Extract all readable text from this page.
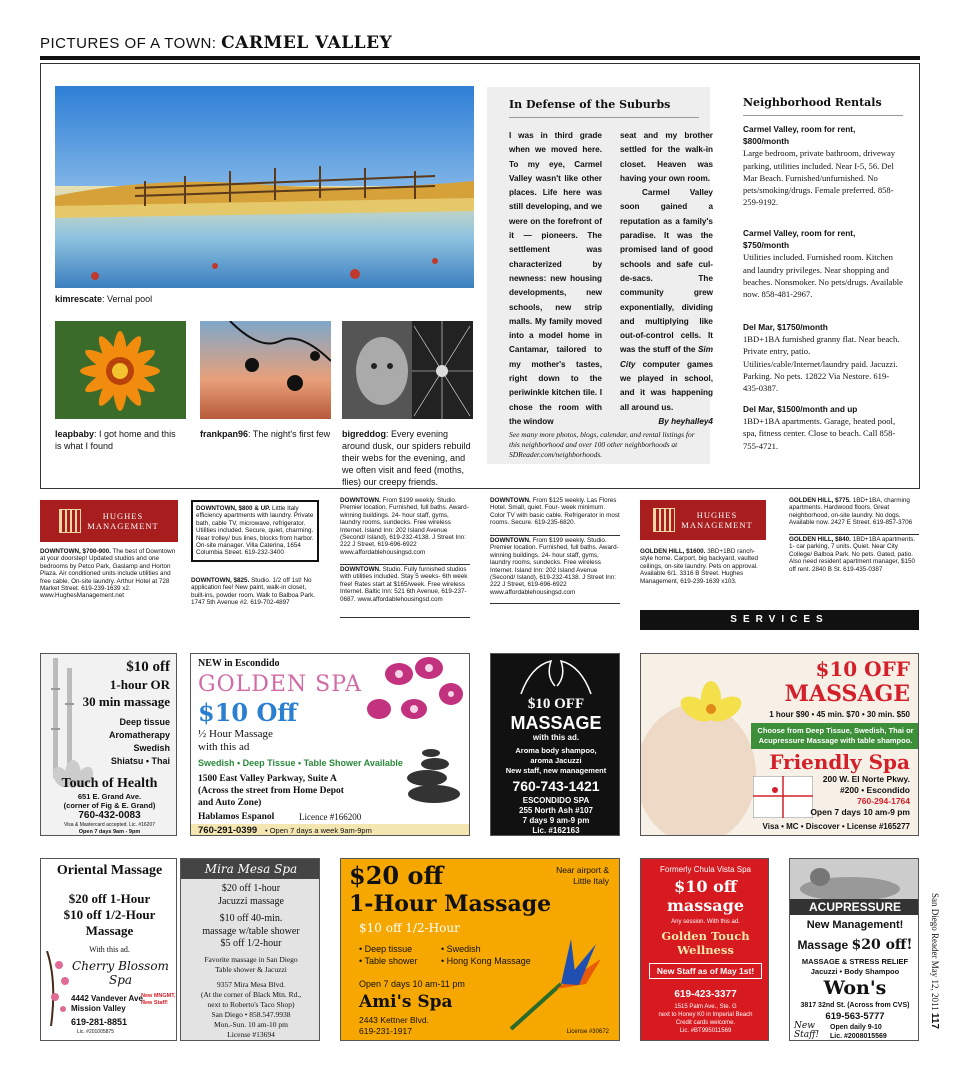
PICTURES OF A TOWN: CARMEL VALLEY
kimrescate: Vernal pool
leapbaby: I got home and this is what I found
frankpan96: The night's first few bigreddog: Every evening around dusk, our spiders rebuild their webs for the evening, and we often visit and feed (moths, flies) our creepy friends.
In Defense of the Suburbs
I was in third grade when we moved here. To my eye, Carmel Valley wasn't like other places. Life here was still developing, and we were on the forefront of it — pioneers. The settlement was characterized by newness: new housing developments, new schools, new strip malls. My family moved into a model home in Cantamar, tailored to my mother's tastes, right down to the periwinkle kitchen tile. I chose the room with the window
seat and my brother settled for the walk-in closet. Heaven was having your own room.
Carmel Valley soon gained a reputation as a family's paradise. It was the promised land of good schools and safe cul-de-sacs. The community grew exponentially, dividing and multiplying like out-of-control cells. It was the stuff of the Sim City computer games we played in school, and it was happening all around us.
By heyhalley4
See many more photos, blogs, calendar, and rental listings for this neighborhood and over 100 other neighborhoods at SDReader.com/neighborhoods.
Neighborhood Rentals
Carmel Valley, room for rent, $800/month
Large bedroom, private bathroom, driveway parking, utilities included. Near I-5, 56. Del Mar Beach. Furnished/unfurnished. No pets/smoking/drugs. Female preferred. 858-259-9192.
Carmel Valley, room for rent, $750/month
Utilities included. Furnished room. Kitchen and laundry privileges. Near shopping and beaches. Nonsmoker. No pets/drugs. Available now. 858-481-2967.
Del Mar, $1750/month
1BD+1BA furnished granny flat. Near beach. Private entry, patio. Utilities/cable/Internet/laundry paid. Jacuzzi. Parking. No pets. 12822 Via Nestore. 619-435-0387.
Del Mar, $1500/month and up
1BD+1BA apartments. Garage, heated pool, spa, fitness center. Close to beach. Call 858-755-4721.
HUGHES
MANAGEMENT
DOWNTOWN, $700-900. The best of Downtown at your doorstep! Updated studios and one bedrooms by Petco Park, Gaslamp and Horton Plaza. Air conditioned units include utilities and free cable. On-site laundry. Arthur Hotel at 728 Market Street. 619-239-1639 x2. www.HughesManagement.net
DOWNTOWN, $800 & UP. Little Italy efficiency apartments with laundry. Private bath, cable TV, microwave, refrigerator. Utilities included. Secure, quiet, charming. Near trolley/ bus lines, blocks from harbor. On-site manager. Villa Caterina, 1654 Columbia Street. 619-232-3400
DOWNTOWN, $825. Studio. 1/2 off 1st! No application fee! New paint, walk-in closet, built-ins, powder room. Walk to Balboa Park. 1747 5th Avenue #2. 619-702-4897
DOWNTOWN. From $199 weekly. Studio. Premier location. Furnished, full baths. Award-winning buildings. 24- hour staff, gyms, laundry rooms, sundecks. Free wireless Internet. Island Inn: 202 Island Avenue (Second/ Island), 619-232-4138. J Street Inn: 222 J Street, 619-696-6922 www.affordablehousingsd.com
DOWNTOWN. Studio. Fully furnished studios with utilities included. Stay 5 weeks- 6th week free! Rates start at $165/week. Free wireless Internet. Baltic Inn: 521 6th Avenue, 619-237-0687. www.affordablehousingsd.com
DOWNTOWN. From $125 weekly. Las Flores Hotel. Small, quiet. Four- week minimum. Color TV with basic cable. Refrigerator in most rooms. Secure. 619-235-6820.
DOWNTOWN. From $199 weekly. Studio. Premier location. Furnished, full baths. Award-winning buildings. 24- hour staff, gyms, laundry rooms, sundecks. Free wireless Internet. Island Inn: 202 Island Avenue (Second/ Island), 619-232-4138. J Street Inn: 222 J Street, 619-696-6922 www.affordablehousingsd.com
HUGHES
MANAGEMENT
GOLDEN HILL, $1600. 3BD+1BD ranch- style home. Carport, big backyard, vaulted ceilings, on-site laundry. Pets on approval. Available 6/1. 3316 B Street. Hughes Management, 619-239-1639 x103.
GOLDEN HILL, $775. 1BD+1BA, charming apartments. Hardwood floors. Great neighborhood, on-site laundry. No dogs. Available now. 2427 E Street. 619-857-3706
GOLDEN HILL, $840. 1BD+1BA apartments. 1- car parking, 7 units. Quiet. Near City College/ Balboa Park. No pets. Gated, patio. Also need resident apartment manager, $150 off rent. 2840 B St. 619-435-0387
SERVICES
$10 off
1-hour OR
30 min massage
Deep tissue
Aromatherapy
Swedish
Shiatsu • Thai
Touch of Health
651 E. Grand Ave.
(corner of Fig & E. Grand)
760-432-0083
Visa & Mastercard accepted. Lic. #16207
Open 7 days 9am - 9pm
NEW in Escondido
GOLDEN SPA
$10 Off
½ Hour Massage
with this ad
Swedish • Deep Tissue • Table Shower Available
1500 East Valley Parkway, Suite A
(Across the street from Home Depot
and Auto Zone)
Hablamos Espanol	Licence #166200
760-291-0399 • Open 7 days a week 9am-9pm
$10 OFF
MASSAGE
with this ad.
Aroma body shampoo,
aroma Jacuzzi
New staff, new management
760-743-1421
ESCONDIDO SPA
255 North Ash #107
7 days 9 am-9 pm
Lic. #162163
$10 OFF
MASSAGE
1 hour $90 • 45 min. $70 • 30 min. $50
Choose from Deep Tissue, Swedish, Thai or Acupressure Massage with table shampoo.
Friendly Spa
200 W. El Norte Pkwy.
#200 • Escondido
760-294-1764
Open 7 days 10 am-9 pm
Visa • MC • Discover • License #165277
Oriental Massage
$20 off 1-Hour
$10 off 1/2-Hour
Massage
With this ad.
Cherry Blossom Spa
4442 Vandever Ave.
Mission Valley
619-281-8851
Lic. #201005875
New MNGMT. New Staff!
Mira Mesa Spa
$20 off 1-hour
Jacuzzi massage
$10 off 40-min.
massage w/table shower
$5 off 1/2-hour
Favorite massage in San Diego
Table shower & Jacuzzi
9357 Mira Mesa Blvd.
(At the corner of Black Mtn. Rd.,
next to Roberto's Taco Shop)
San Diego • 858.547.9938
Mon.-Sun. 10 am-10 pm
License #13694
$20 off	Near airport &
Little Italy
1-Hour Massage
$10 off 1/2-Hour
• Deep tissue
• Table shower
• Swedish
• Hong Kong Massage
Open 7 days 10 am-11 pm
Ami's Spa
2443 Kettner Blvd.
619-231-1917	License #30672
Formerly Chula Vista Spa
$10 off
massage
Any session. With this ad.
Golden Touch Wellness
New Staff as of May 1st!
619-423-3377
1515 Palm Ave., Ste. G
next to Honey K0 in Imperial Beach
Credit cards welcome.
Lic. #BT995011569
ACUPRESSURE
New Management!
Massage $20 off!
MASSAGE & STRESS RELIEF
Jacuzzi • Body Shampoo
Won's
3817 32nd St. (Across from CVS)
619-563-5777
New Staff!
Open daily 9-10
Lic. #2008015569
San Diego Reader May 12, 2011 117
